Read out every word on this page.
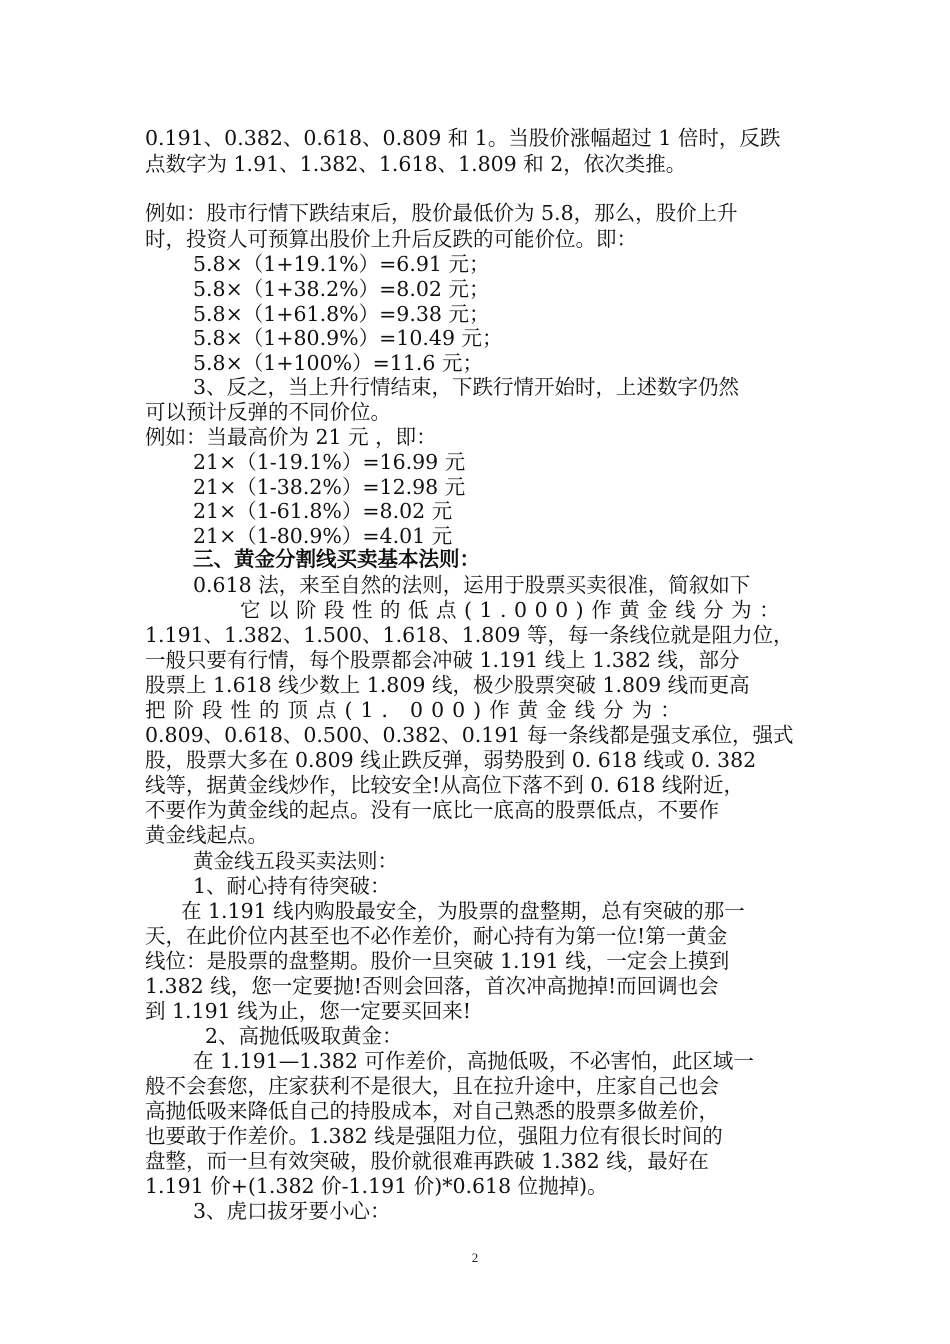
0.191、0.382、0.618、0.809 和 1。当股价涨幅超过 1 倍时，反跌
点数字为 1.91、1.382、1.618、1.809 和 2，依次类推。
例如：股市行情下跌结束后，股价最低价为 5.8，那么，股价上升
时，投资人可预算出股价上升后反跌的可能价位。即：
5.8×（1+19.1%）=6.91 元；
5.8×（1+38.2%）=8.02 元；
5.8×（1+61.8%）=9.38 元；
5.8×（1+80.9%）=10.49 元；
5.8×（1+100%）=11.6 元；
3、反之，当上升行情结束，下跌行情开始时，上述数字仍然
可以预计反弹的不同价位。
例如：当最高价为 21 元 ，即：
21×（1-19.1%）=16.99 元
21×（1-38.2%）=12.98 元
21×（1-61.8%）=8.02 元
21×（1-80.9%）=4.01 元
三、黄金分割线买卖基本法则：
0.618 法，来至自然的法则，运用于股票买卖很准，简叙如下
它以阶段性的低点(1.000)作黄金线分为：
1.191、1.382、1.500、1.618、1.809 等，每一条线位就是阻力位，
一般只要有行情，每个股票都会冲破 1.191 线上 1.382 线，部分
股票上 1.618 线少数上 1.809 线，极少股票突破 1.809 线而更高
把阶段性的顶点(1．000)作黄金线分为：
0.809、0.618、0.500、0.382、0.191 每一条线都是强支承位，强式
股，股票大多在 0.809 线止跌反弹，弱势股到 0. 618 线或 0. 382
线等，据黄金线炒作，比较安全!从高位下落不到 0. 618 线附近，
不要作为黄金线的起点。没有一底比一底高的股票低点，不要作
黄金线起点。
黄金线五段买卖法则：
1、耐心持有待突破：
在 1.191 线内购股最安全，为股票的盘整期，总有突破的那一
天，在此价位内甚至也不必作差价，耐心持有为第一位!第一黄金
线位：是股票的盘整期。股价一旦突破 1.191 线，一定会上摸到
1.382 线，您一定要抛!否则会回落，首次冲高抛掉!而回调也会
到 1.191 线为止，您一定要买回来!
2、高抛低吸取黄金：
在 1.191—1.382 可作差价，高抛低吸，不必害怕，此区域一
般不会套您，庄家获利不是很大，且在拉升途中，庄家自己也会
高抛低吸来降低自己的持股成本，对自己熟悉的股票多做差价，
也要敢于作差价。1.382 线是强阻力位，强阻力位有很长时间的
盘整，而一旦有效突破，股价就很难再跌破 1.382 线，最好在
1.191 价+(1.382 价-1.191 价)*0.618 位抛掉)。
3、虎口拔牙要小心：
2
